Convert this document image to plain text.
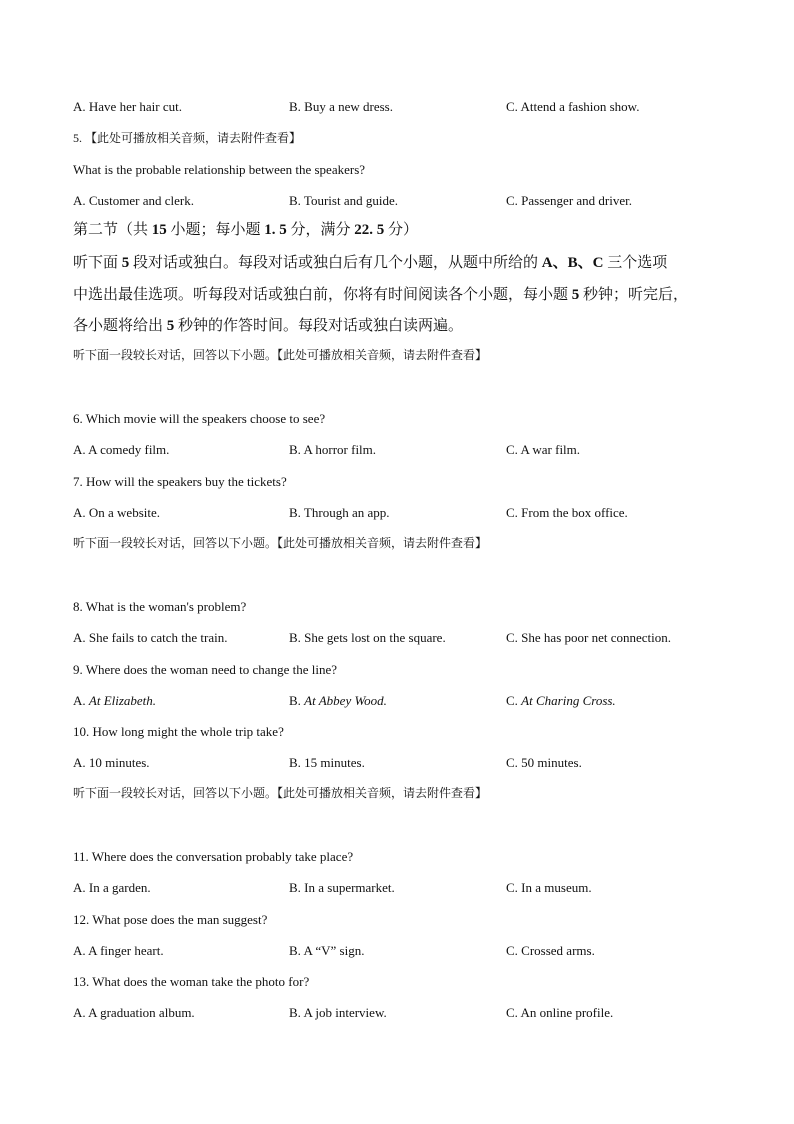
A. Have her hair cut.	B. Buy a new dress.	C. Attend a fashion show.
5. 【此处可播放相关音频，请去附件查看】
What is the probable relationship between the speakers?
A. Customer and clerk.	B. Tourist and guide.	C. Passenger and driver.
第二节（共 15 小题；每小题 1. 5 分，满分 22. 5 分）
听下面 5 段对话或独白。每段对话或独白后有几个小题，从题中所给的 A、B、C 三个选项
中选出最佳选项。听每段对话或独白前，你将有时间阅读各个小题，每小题 5 秒钟；听完后，
各小题将给出 5 秒钟的作答时间。每段对话或独白读两遍。
听下面一段较长对话，回答以下小题。【此处可播放相关音频，请去附件查看】
6. Which movie will the speakers choose to see?
A. A comedy film.	B. A horror film.	C. A war film.
7. How will the speakers buy the tickets?
A. On a website.	B. Through an app.	C. From the box office.
听下面一段较长对话，回答以下小题。【此处可播放相关音频，请去附件查看】
8. What is the woman's problem?
A. She fails to catch the train.	B. She gets lost on the square.	C. She has poor net connection.
9. Where does the woman need to change the line?
A. At Elizabeth.	B. At Abbey Wood.	C. At Charing Cross.
10. How long might the whole trip take?
A. 10 minutes.	B. 15 minutes.	C. 50 minutes.
听下面一段较长对话，回答以下小题。【此处可播放相关音频，请去附件查看】
11. Where does the conversation probably take place?
A. In a garden.	B. In a supermarket.	C. In a museum.
12. What pose does the man suggest?
A. A finger heart.	B. A “V” sign.	C. Crossed arms.
13. What does the woman take the photo for?
A. A graduation album.	B. A job interview.	C. An online profile.
